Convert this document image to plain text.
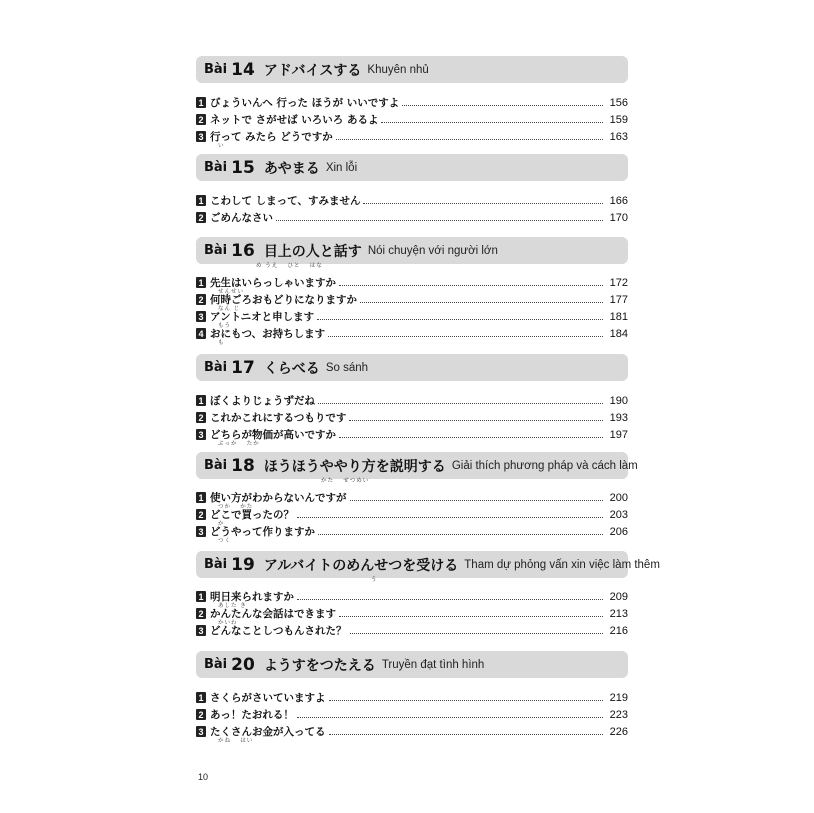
Bài 14 アドバイスする Khuyên nhủ
1 びょういんへ 行った ほうが いいですよ	156
2 ネットで さがせば いろいろ あるよ	159
3 行って みたら どうですか	163
い
Bài 15 あやまる Xin lỗi
1 こわして しまって、すみません	166
2 ごめんなさい	170
Bài 16 目上の人と話す Nói chuyện với người lớn
め うえ　 ひと　 はな
1 先生はいらっしゃいますか	172
せんせい
2 何時ごろおもどりになりますか	177
なん じ
3 アントニオと申します	181
もう
4 おにもつ、お持ちします	184
も
Bài 17 くらべる So sánh
1 ぼくよりじょうずだね	190
2 これかこれにするつもりです	193
3 どちらが物価が高いですか	197
ぶっか　 たか
Bài 18 ほうほうややり方を説明する Giải thích phương pháp và cách làm
かた　 せつめい
1 使い方がわからないんですが	200
つか　 かた
2 どこで買ったの？	203
か
3 どうやって作りますか	206
つく
Bài 19 アルバイトのめんせつを受ける Tham dự phỏng vấn xin việc làm thêm
う
1 明日来られますか	209
あした き
2 かんたんな会話はできます	213
かいわ
3 どんなことしつもんされた？	216
Bài 20 ようすをつたえる Truyền đạt tình hình
1 さくらがさいていますよ	219
2 あっ！たおれる！	223
3 たくさんお金が入ってる	226
かね　 はい
10
